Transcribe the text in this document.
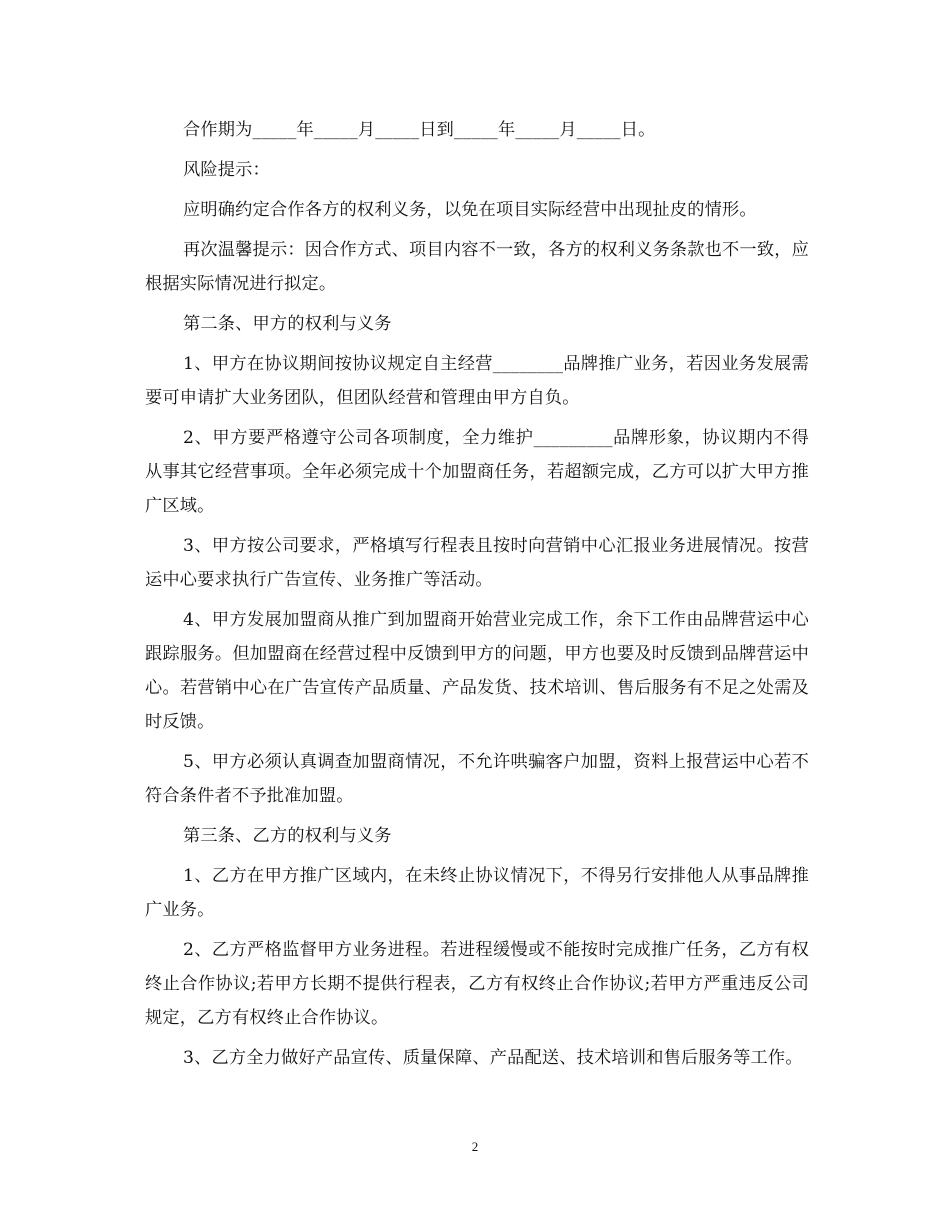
合作期为_____年_____月_____日到_____年_____月_____日。

风险提示：

应明确约定合作各方的权利义务，以免在项目实际经营中出现扯皮的情形。

再次温馨提示：因合作方式、项目内容不一致，各方的权利义务条款也不一致，应根据实际情况进行拟定。

第二条、甲方的权利与义务

1、甲方在协议期间按协议规定自主经营________品牌推广业务，若因业务发展需要可申请扩大业务团队，但团队经营和管理由甲方自负。

2、甲方要严格遵守公司各项制度，全力维护_________品牌形象，协议期内不得从事其它经营事项。全年必须完成十个加盟商任务，若超额完成，乙方可以扩大甲方推广区域。

3、甲方按公司要求，严格填写行程表且按时向营销中心汇报业务进展情况。按营运中心要求执行广告宣传、业务推广等活动。

4、甲方发展加盟商从推广到加盟商开始营业完成工作，余下工作由品牌营运中心跟踪服务。但加盟商在经营过程中反馈到甲方的问题，甲方也要及时反馈到品牌营运中心。若营销中心在广告宣传产品质量、产品发货、技术培训、售后服务有不足之处需及时反馈。

5、甲方必须认真调查加盟商情况，不允许哄骗客户加盟，资料上报营运中心若不符合条件者不予批准加盟。

第三条、乙方的权利与义务

1、乙方在甲方推广区域内，在未终止协议情况下，不得另行安排他人从事品牌推广业务。

2、乙方严格监督甲方业务进程。若进程缓慢或不能按时完成推广任务，乙方有权终止合作协议;若甲方长期不提供行程表，乙方有权终止合作协议;若甲方严重违反公司规定，乙方有权终止合作协议。

3、乙方全力做好产品宣传、质量保障、产品配送、技术培训和售后服务等工作。

2
